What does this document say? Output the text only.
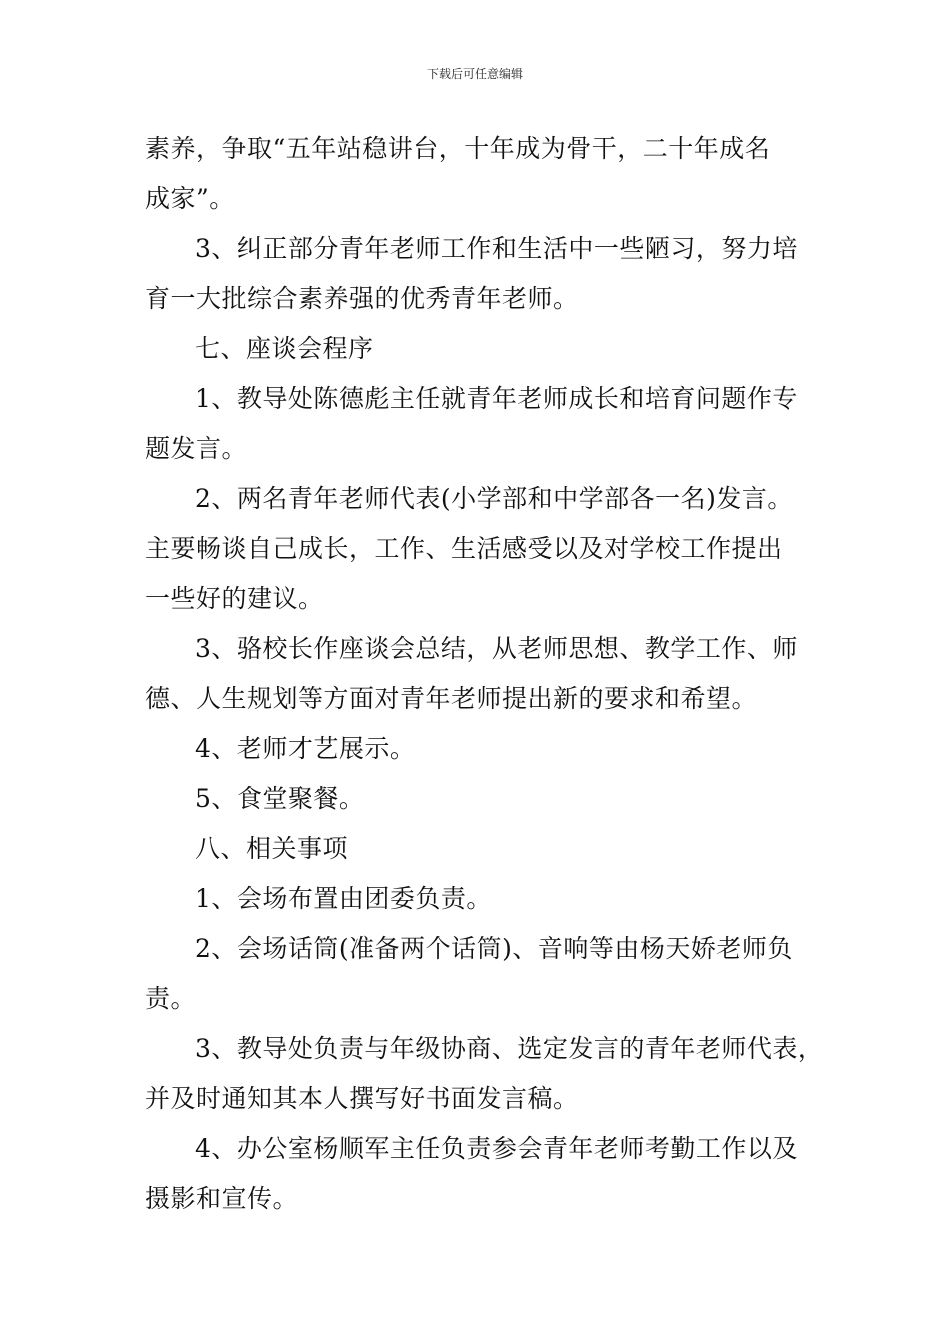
下载后可任意编辑
素养，争取“五年站稳讲台，十年成为骨干，二十年成名
成家”。
3、纠正部分青年老师工作和生活中一些陋习，努力培
育一大批综合素养强的优秀青年老师。
七、座谈会程序
1、教导处陈德彪主任就青年老师成长和培育问题作专
题发言。
2、两名青年老师代表(小学部和中学部各一名)发言。
主要畅谈自己成长，工作、生活感受以及对学校工作提出
一些好的建议。
3、骆校长作座谈会总结，从老师思想、教学工作、师
德、人生规划等方面对青年老师提出新的要求和希望。
4、老师才艺展示。
5、食堂聚餐。
八、相关事项
1、会场布置由团委负责。
2、会场话筒(准备两个话筒)、音响等由杨天娇老师负
责。
3、教导处负责与年级协商、选定发言的青年老师代表，
并及时通知其本人撰写好书面发言稿。
4、办公室杨顺军主任负责参会青年老师考勤工作以及
摄影和宣传。
